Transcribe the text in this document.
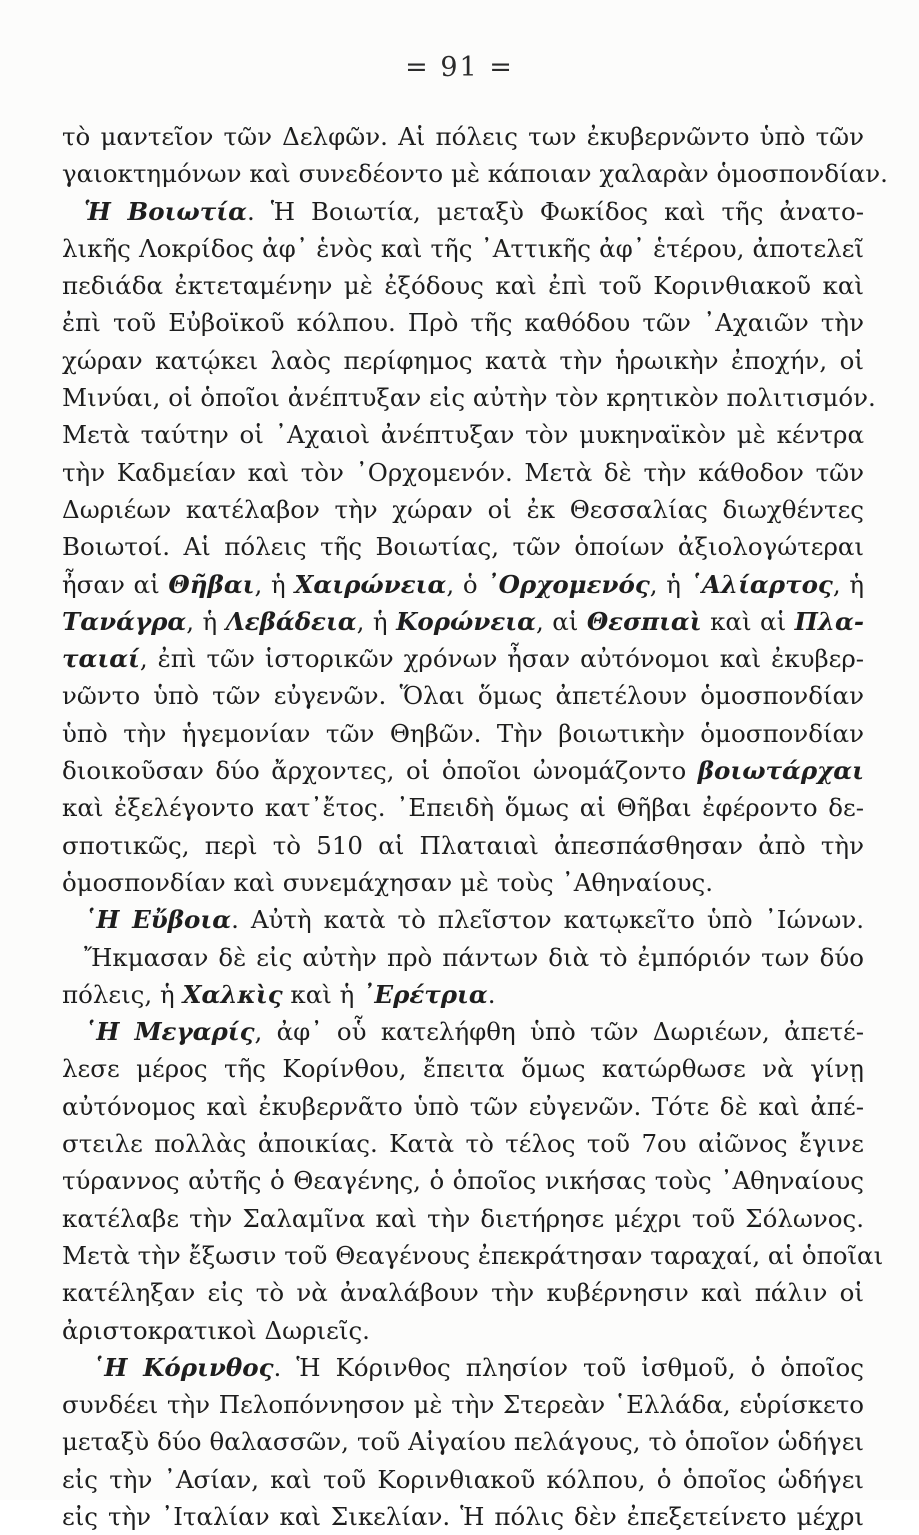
= 91 =
τὸ μαντεῖον τῶν Δελφῶν. Αἱ πόλεις των ἐκυβερνῶντο ὑπὸ τῶν
γαιοκτημόνων καὶ συνεδέοντο μὲ κάποιαν χαλαρὰν ὁμοσπονδίαν.
Ἡ Βοιωτία. Ἡ Βοιωτία, μεταξὺ Φωκίδος καὶ τῆς ἀνατο-
λικῆς Λοκρίδος ἀφ᾽ ἑνὸς καὶ τῆς ᾽Αττικῆς ἀφ᾽ ἑτέρου, ἀποτελεῖ
πεδιάδα ἐκτεταμένην μὲ ἐξόδους καὶ ἐπὶ τοῦ Κορινθιακοῦ καὶ
ἐπὶ τοῦ Εὐβοϊκοῦ κόλπου. Πρὸ τῆς καθόδου τῶν ᾽Αχαιῶν τὴν
χώραν κατῴκει λαὸς περίφημος κατὰ τὴν ἡρωικὴν ἐποχήν, οἱ
Μινύαι, οἱ ὁποῖοι ἀνέπτυξαν εἰς αὐτὴν τὸν κρητικὸν πολιτισμόν.
Μετὰ ταύτην οἱ ᾽Αχαιοὶ ἀνέπτυξαν τὸν μυκηναϊκὸν μὲ κέντρα
τὴν Καδμείαν καὶ τὸν ᾽Ορχομενόν. Μετὰ δὲ τὴν κάθοδον τῶν
Δωριέων κατέλαβον τὴν χώραν οἱ ἐκ Θεσσαλίας διωχθέντες
Βοιωτοί. Αἱ πόλεις τῆς Βοιωτίας, τῶν ὁποίων ἀξιολογώτεραι
ἦσαν αἱ Θῆβαι, ἡ Χαιρώνεια, ὁ ᾽Ορχομενός, ἡ ῾Αλίαρτος, ἡ
Τανάγρα, ἡ Λεβάδεια, ἡ Κορώνεια, αἱ Θεσπιαὶ καὶ αἱ Πλα-
ταιαί, ἐπὶ τῶν ἱστορικῶν χρόνων ἦσαν αὐτόνομοι καὶ ἐκυβερ-
νῶντο ὑπὸ τῶν εὐγενῶν. Ὅλαι ὅμως ἀπετέλουν ὁμοσπονδίαν
ὑπὸ τὴν ἡγεμονίαν τῶν Θηβῶν. Τὴν βοιωτικὴν ὁμοσπονδίαν
διοικοῦσαν δύο ἄρχοντες, οἱ ὁποῖοι ὠνομάζοντο βοιωτάρχαι
καὶ ἐξελέγοντο κατ᾽ἔτος. ᾽Επειδὴ ὅμως αἱ Θῆβαι ἐφέροντο δε-
σποτικῶς, περὶ τὸ 510 αἱ Πλαταιαὶ ἀπεσπάσθησαν ἀπὸ τὴν
ὁμοσπονδίαν καὶ συνεμάχησαν μὲ τοὺς ᾽Αθηναίους.
῾Η Εὔβοια. Αὐτὴ κατὰ τὸ πλεῖστον κατῳκεῖτο ὑπὸ ᾽Ιώνων.
Ἤκμασαν δὲ εἰς αὐτὴν πρὸ πάντων διὰ τὸ ἐμπόριόν των δύο
πόλεις, ἡ Χαλκὶς καὶ ἡ ᾽Ερέτρια.
῾Η Μεγαρίς, ἀφ᾽ οὗ κατελήφθη ὑπὸ τῶν Δωριέων, ἀπετέ-
λεσε μέρος τῆς Κορίνθου, ἔπειτα ὅμως κατώρθωσε νὰ γίνῃ
αὐτόνομος καὶ ἐκυβερνᾶτο ὑπὸ τῶν εὐγενῶν. Τότε δὲ καὶ ἀπέ-
στειλε πολλὰς ἀποικίας. Κατὰ τὸ τέλος τοῦ 7ου αἰῶνος ἔγινε
τύραννος αὐτῆς ὁ Θεαγένης, ὁ ὁποῖος νικήσας τοὺς ᾽Αθηναίους
κατέλαβε τὴν Σαλαμῖνα καὶ τὴν διετήρησε μέχρι τοῦ Σόλωνος.
Μετὰ τὴν ἔξωσιν τοῦ Θεαγένους ἐπεκράτησαν ταραχαί, αἱ ὁποῖαι
κατέληξαν εἰς τὸ νὰ ἀναλάβουν τὴν κυβέρνησιν καὶ πάλιν οἱ
ἀριστοκρατικοὶ Δωριεῖς.
῾Η Κόρινθος. Ἡ Κόρινθος πλησίον τοῦ ἰσθμοῦ, ὁ ὁποῖος
συνδέει τὴν Πελοπόννησον μὲ τὴν Στερεὰν ῾Ελλάδα, εὑρίσκετο
μεταξὺ δύο θαλασσῶν, τοῦ Αἰγαίου πελάγους, τὸ ὁποῖον ὡδήγει
εἰς τὴν ᾽Ασίαν, καὶ τοῦ Κορινθιακοῦ κόλπου, ὁ ὁποῖος ὡδήγει
εἰς τὴν ᾽Ιταλίαν καὶ Σικελίαν. Ἡ πόλις δὲν ἐπεξετείνετο μέχρι
